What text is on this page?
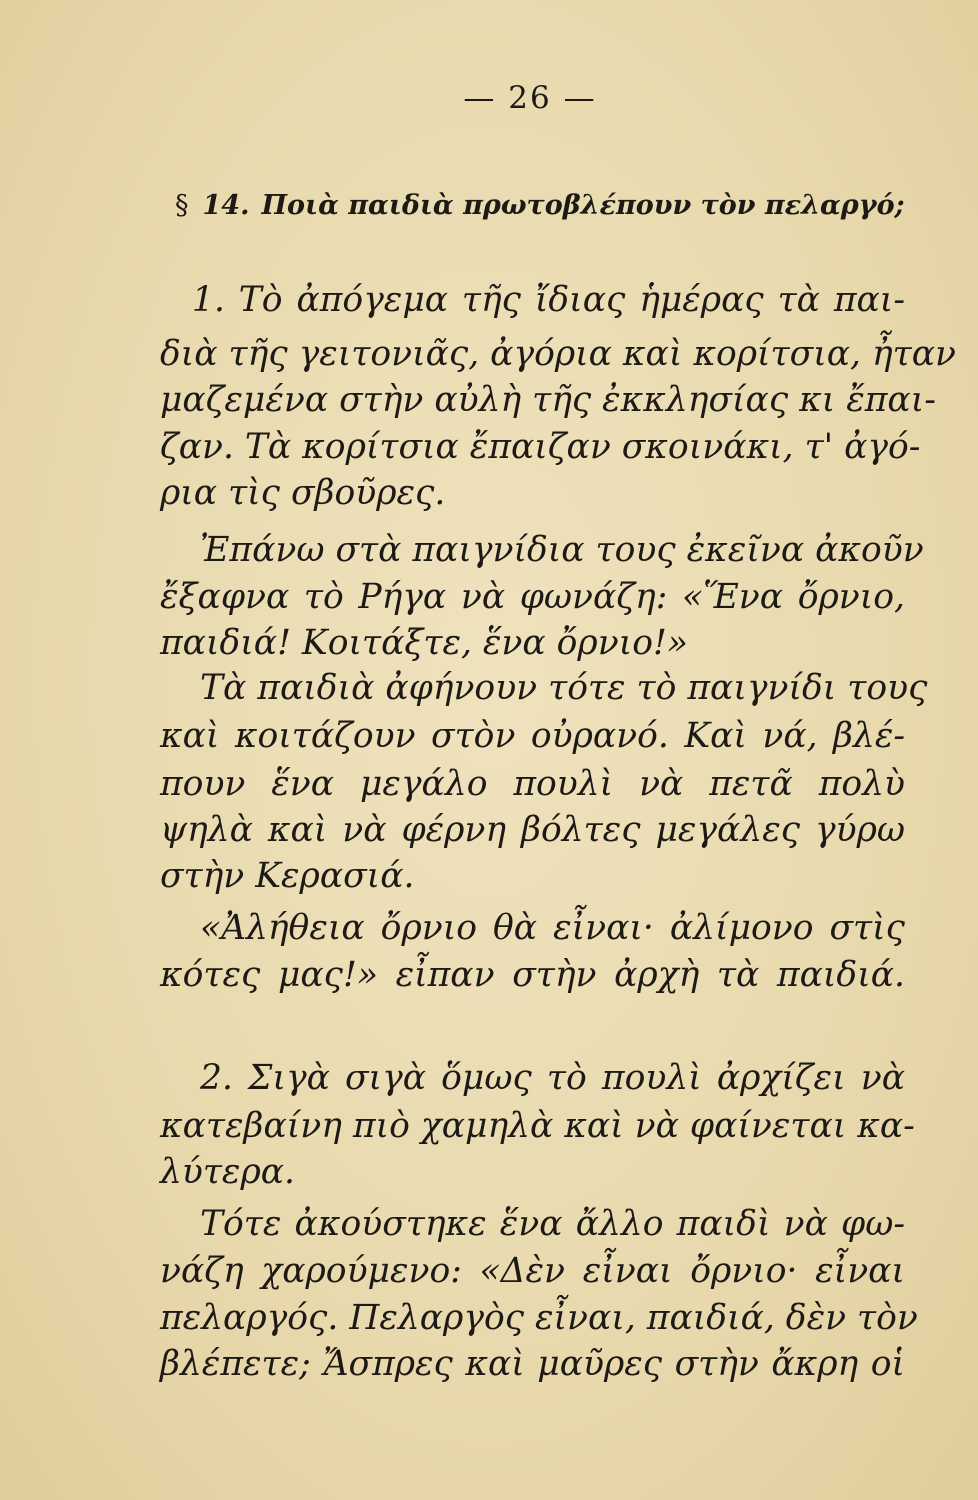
— 26 —
§ 14. Ποιὰ παιδιὰ πρωτοβλέπουν τὸν πελαργό;
1. Τὸ ἀπόγεμα τῆς ἴδιας ἡμέρας τὰ παι-
διὰ τῆς γειτονιᾶς, ἀγόρια καὶ κορίτσια, ἦταν
μαζεμένα στὴν αὐλὴ τῆς ἐκκλησίας κι ἔπαι-
ζαν. Τὰ κορίτσια ἔπαιζαν σκοινάκι, τ' ἀγό-
ρια τὶς σβοῦρες.
Ἐπάνω στὰ παιγνίδια τους ἐκεῖνα ἀκοῦν
ἔξαφνα τὸ Ρήγα νὰ φωνάζη: «Ἕνα ὄρνιο,
παιδιά! Κοιτάξτε, ἕνα ὄρνιο!»
Τὰ παιδιὰ ἀφήνουν τότε τὸ παιγνίδι τους
καὶ κοιτάζουν στὸν οὐρανό. Καὶ νά, βλέ-
πουν ἕνα μεγάλο πουλὶ νὰ πετᾶ πολὺ
ψηλὰ καὶ νὰ φέρνη βόλτες μεγάλες γύρω
στὴν Κερασιά.
«Ἀλήθεια ὄρνιο θὰ εἶναι· ἀλίμονο στὶς
κότες μας!» εἶπαν στὴν ἀρχὴ τὰ παιδιά.
2. Σιγὰ σιγὰ ὅμως τὸ πουλὶ ἀρχίζει νὰ
κατεβαίνη πιὸ χαμηλὰ καὶ νὰ φαίνεται κα-
λύτερα.
Τότε ἀκούστηκε ἕνα ἄλλο παιδὶ νὰ φω-
νάζη χαρούμενο: «Δὲν εἶναι ὄρνιο· εἶναι
πελαργός. Πελαργὸς εἶναι, παιδιά, δὲν τὸν
βλέπετε; Ἄσπρες καὶ μαῦρες στὴν ἄκρη οἱ
